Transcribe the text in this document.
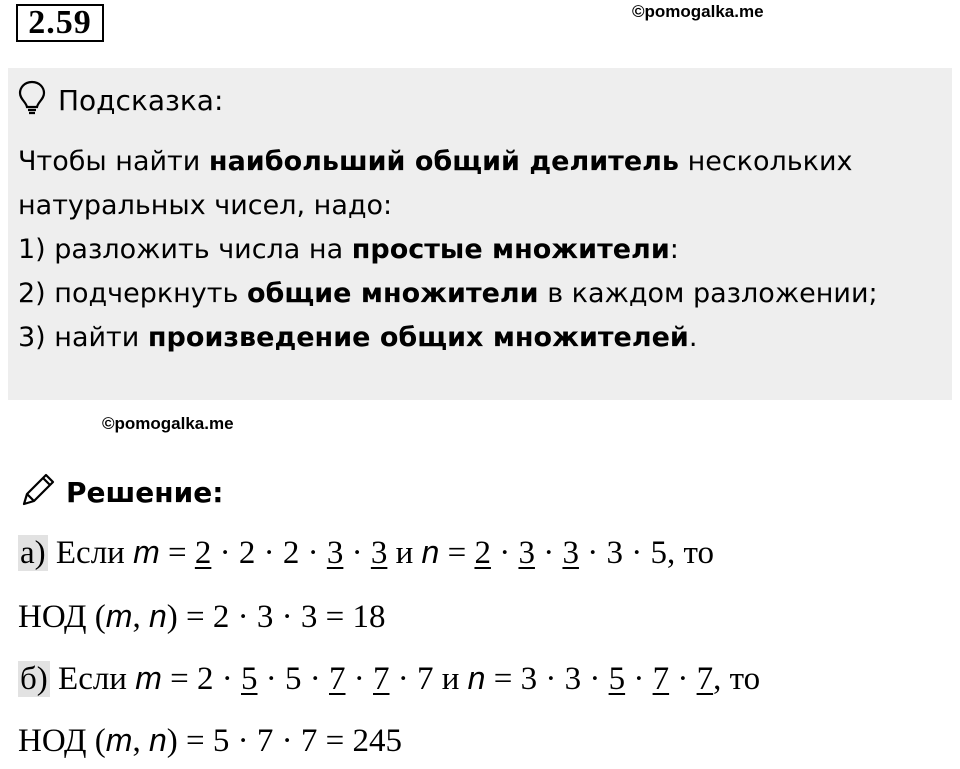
2.59	©pomogalka.me
Подсказка:
Чтобы найти наибольший общий делитель нескольких натуральных чисел, надо:
1) разложить числа на простые множители:
2) подчеркнуть общие множители в каждом разложении;
3) найти произведение общих множителей.
©pomogalka.me
Решение:
а) Если m = 2 · 2 · 2 · 3 · 3 и n = 2 · 3 · 3 · 3 · 5, то
НОД (m, n) = 2 · 3 · 3 = 18
б) Если m = 2 · 5 · 5 · 7 · 7 · 7 и n = 3 · 3 · 5 · 7 · 7, то
НОД (m, n) = 5 · 7 · 7 = 245
